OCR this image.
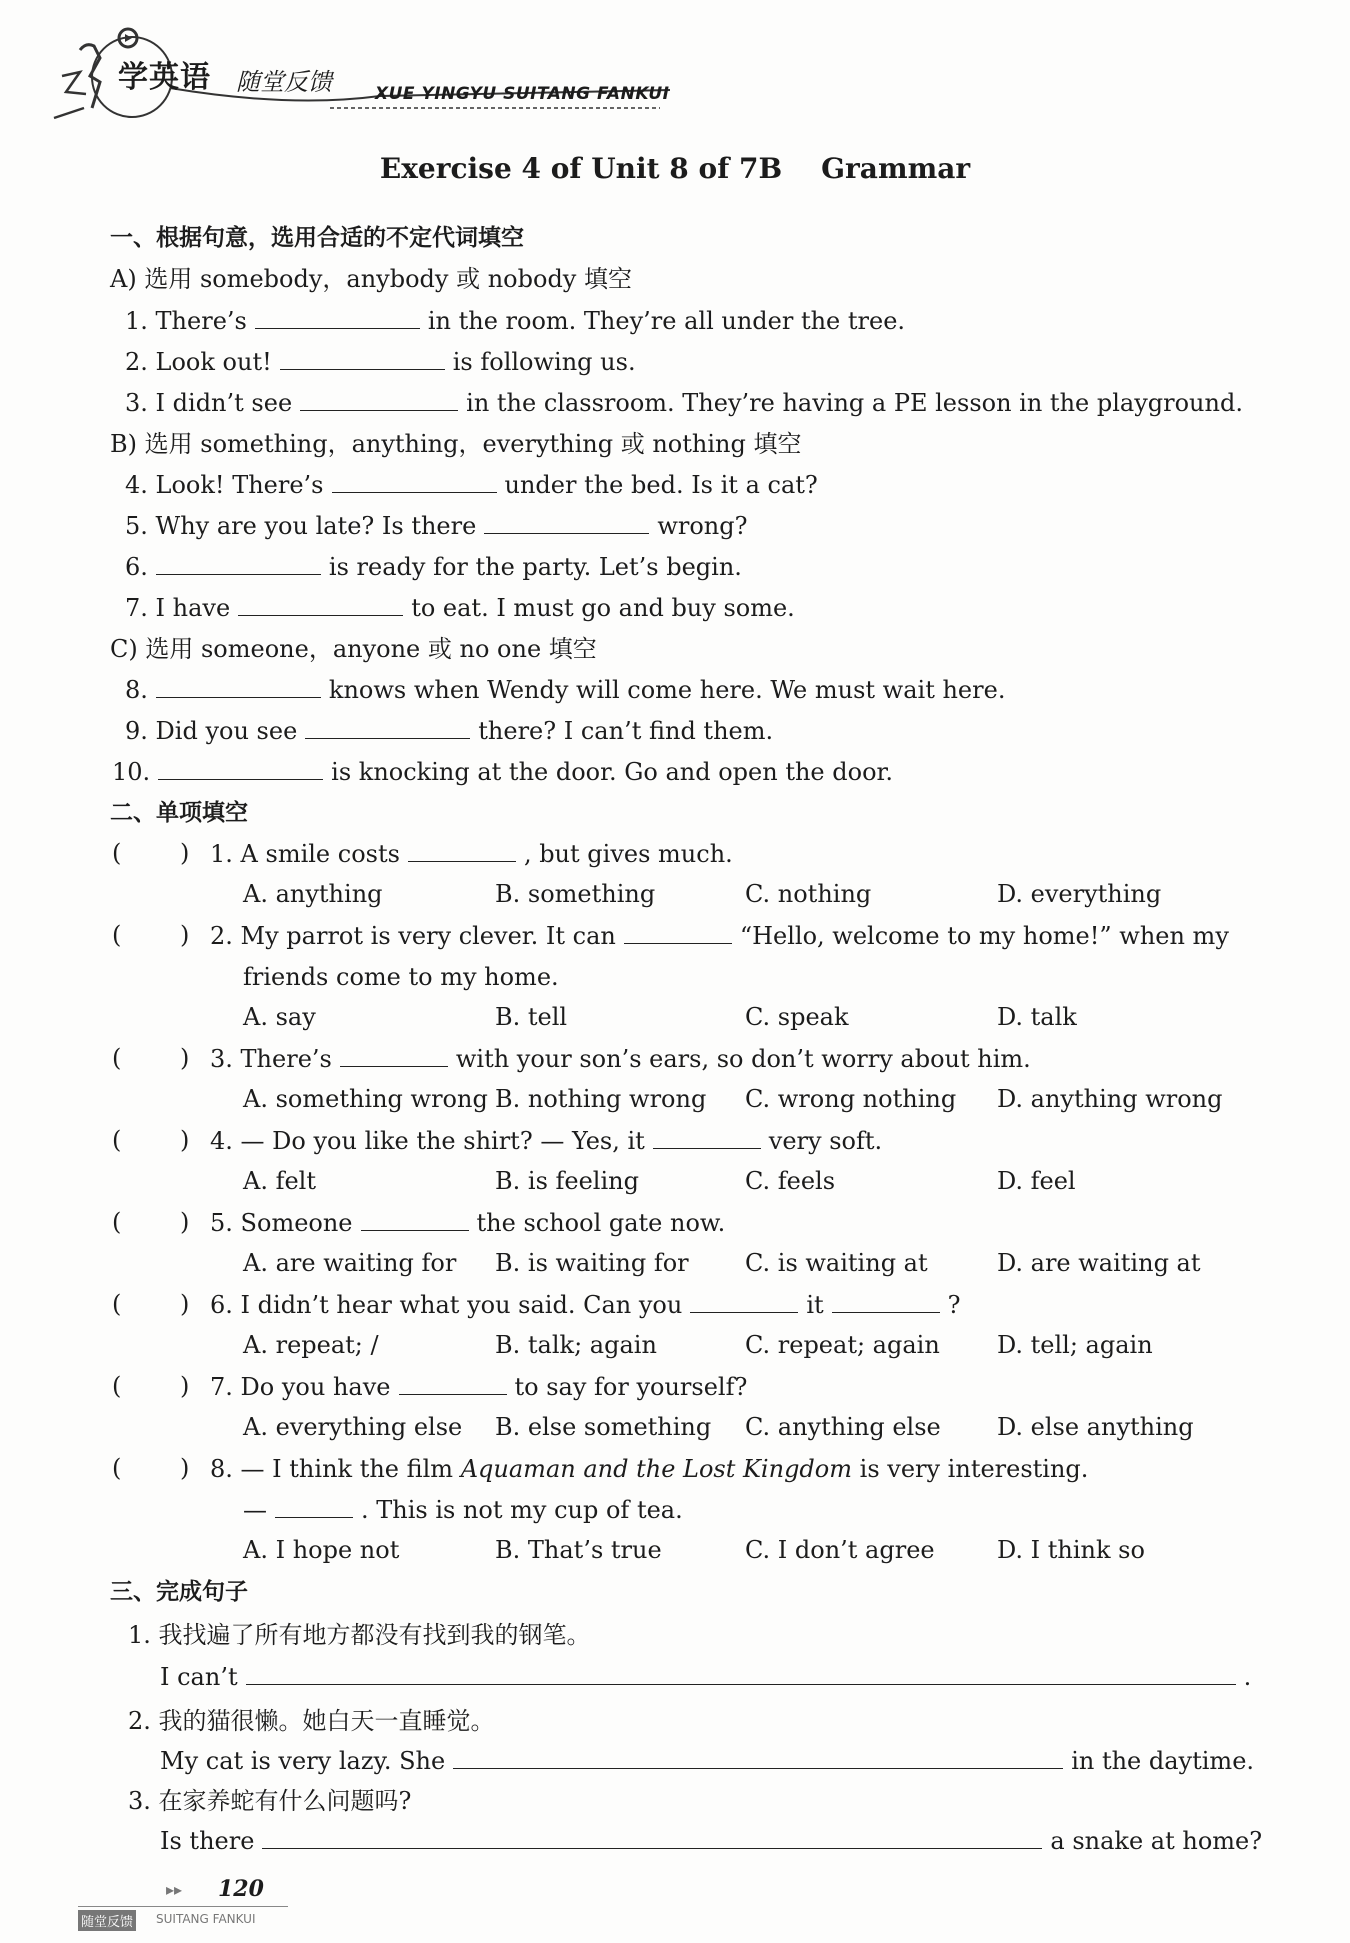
学英语 随堂反馈	XUE YINGYU SUITANG FANKUI
Exercise 4 of Unit 8 of 7B    Grammar
一、根据句意，选用合适的不定代词填空
A) 选用 somebody，anybody 或 nobody 填空
1. There’s	in the room. They’re all under the tree.
2. Look out!	is following us.
3. I didn’t see	in the classroom. They’re having a PE lesson in the playground.
B) 选用 something，anything，everything 或 nothing 填空
4. Look! There’s	under the bed. Is it a cat?
5. Why are you late? Is there	wrong?
6.	is ready for the party. Let’s begin.
7. I have	to eat. I must go and buy some.
C) 选用 someone，anyone 或 no one 填空
8.	knows when Wendy will come here. We must wait here.
9. Did you see	there? I can’t find them.
10.	is knocking at the door. Go and open the door.
二、单项填空
( ) 1. A smile costs	, but gives much.
A. anything	B. something	C. nothing	D. everything
( ) 2. My parrot is very clever. It can	“Hello, welcome to my home!” when my
friends come to my home.
A. say	B. tell	C. speak	D. talk
( ) 3. There’s	with your son’s ears, so don’t worry about him.
A. something wrong B. nothing wrong C. wrong nothing D. anything wrong
( ) 4. — Do you like the shirt? — Yes, it	very soft.
A. felt	B. is feeling	C. feels	D. feel
( ) 5. Someone	the school gate now.
A. are waiting for B. is waiting for C. is waiting at	D. are waiting at
( ) 6. I didn’t hear what you said. Can you	it	?
A. repeat; /	B. talk; again	C. repeat; again D. tell; again
( ) 7. Do you have	to say for yourself?
A. everything else B. else something C. anything else D. else anything
( ) 8. — I think the film Aquaman and the Lost Kingdom is very interesting.
—	. This is not my cup of tea.
A. I hope not	B. That’s true	C. I don’t agree	D. I think so
三、完成句子
1. 我找遍了所有地方都没有找到我的钢笔。
I can’t	.
2. 我的猫很懒。她白天一直睡觉。
My cat is very lazy. She	in the daytime.
3. 在家养蛇有什么问题吗?
Is there	a snake at home?
▸▸ 120
随堂反馈 SUITANG FANKUI
